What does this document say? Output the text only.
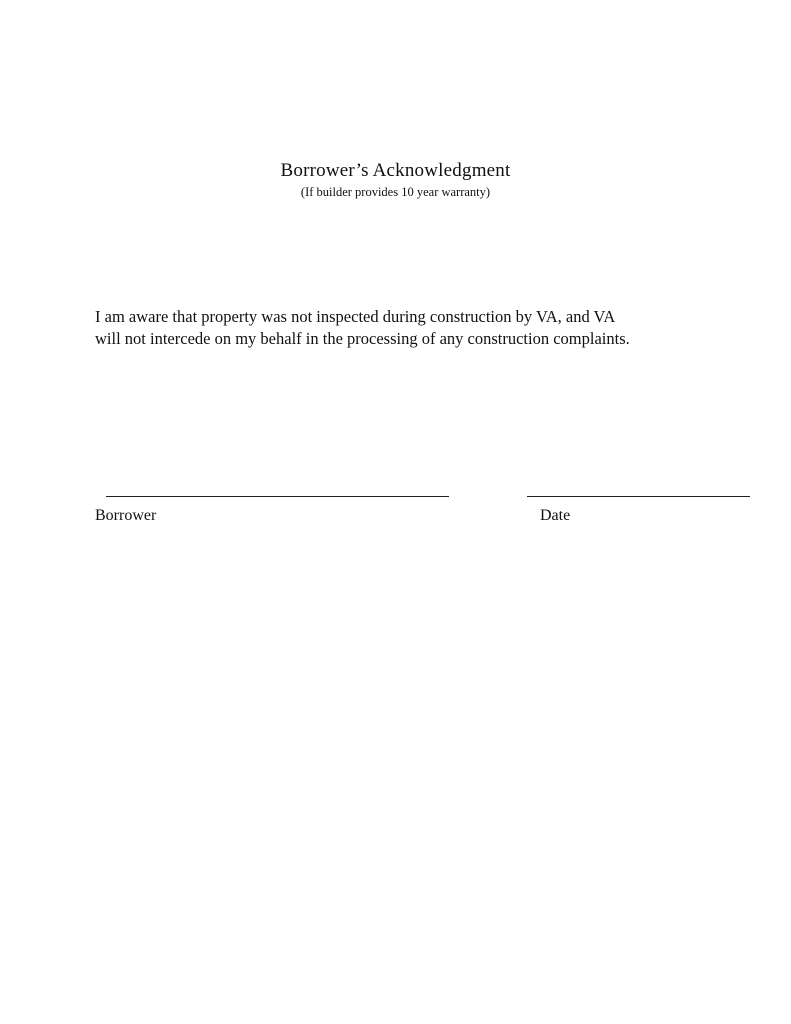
Borrower’s Acknowledgment
(If builder provides 10 year warranty)
I am aware that property was not inspected during construction by VA, and VA
will not intercede on my behalf in the processing of any construction complaints.
Borrower	Date
